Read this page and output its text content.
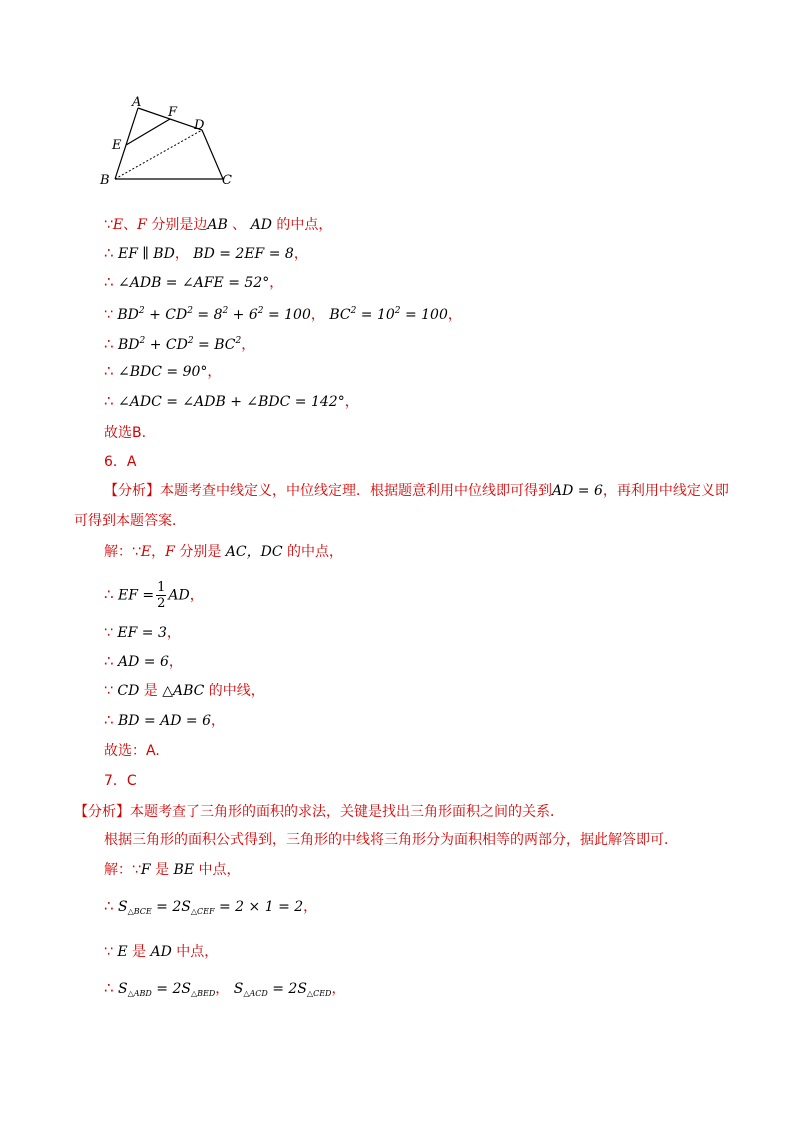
A
F
D
E
B	C
∵E、F 分别是边AB 、 AD 的中点，
∴ EF ∥ BD， BD = 2EF = 8，
∴ ∠ADB = ∠AFE = 52°，
∵ $BD^2 + CD^2 = 8^2 + 6^2 = 100$， $BC^2 = 10^2 = 100$，
∴ $BD^2 + CD^2 = BC^2$，
∴ ∠BDC = 90°，
∴ ∠ADC = ∠ADB + ∠BDC = 142°，
故选B.
6．A
【分析】本题考查中线定义，中位线定理．根据题意利用中位线即可得到AD = 6，再利用中线定义即
可得到本题答案．
解：∵E，F 分别是 AC，DC 的中点，
∴ EF = $\frac{1}{2}$ AD，
∵ EF = 3，
∴ AD = 6，
∵ CD 是 △ABC 的中线，
∴ BD = AD = 6，
故选：A.
7．C
【分析】本题考查了三角形的面积的求法，关键是找出三角形面积之间的关系．
根据三角形的面积公式得到，三角形的中线将三角形分为面积相等的两部分，据此解答即可．
解：∵F 是 BE 中点，
∴ $S_{\triangle BCE} = 2S_{\triangle CEF} = 2 \times 1 = 2$，
∵ E 是 AD 中点，
∴ $S_{\triangle ABD} = 2S_{\triangle BED}$， $S_{\triangle ACD} = 2S_{\triangle CED}$，
